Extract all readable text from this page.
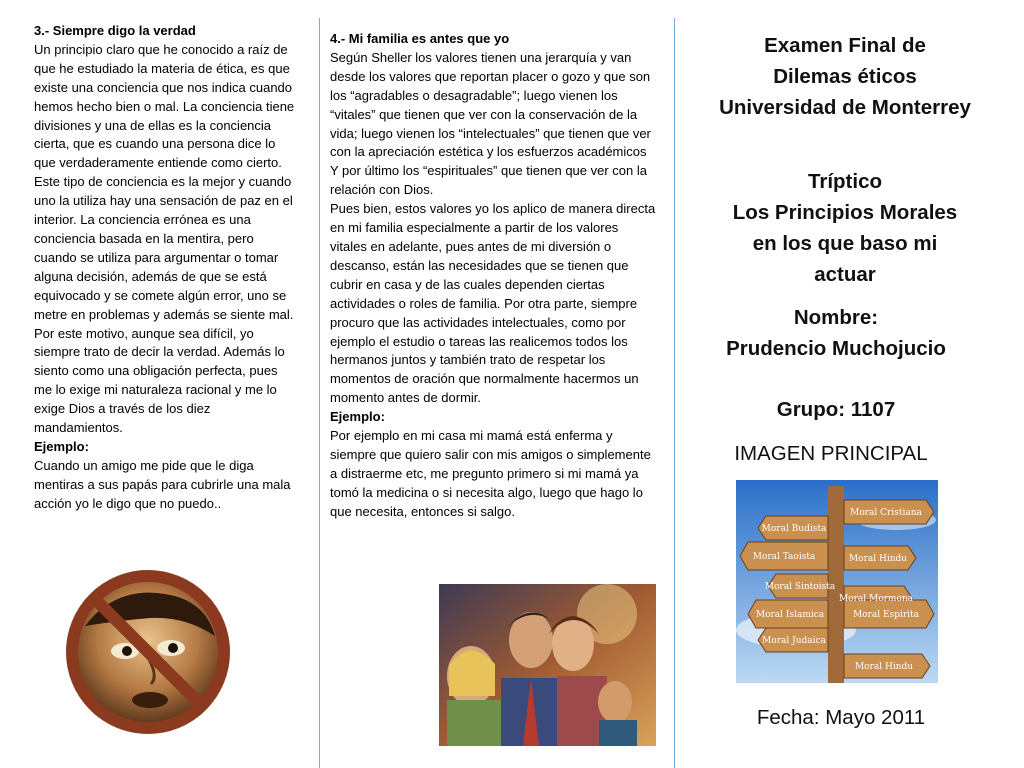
3.- Siempre digo la verdad

Un principio claro que he conocido a raíz de que he estudiado la materia de ética, es que existe una conciencia que nos indica cuando hemos hecho bien o mal. La conciencia tiene divisiones y una de ellas es la conciencia cierta, que es cuando una persona dice lo que verdaderamente entiende como cierto. Este tipo de conciencia es la mejor y cuando uno la utiliza hay una sensación de paz en el interior. La conciencia errónea es una conciencia basada en la mentira, pero cuando se utiliza para argumentar o tomar alguna decisión, además de que se está equivocado y se comete algún error, uno se metre en problemas y además se siente mal. Por este motivo, aunque sea difícil, yo siempre trato de decir la verdad. Además lo siento como una obligación perfecta, pues me lo exige mi naturaleza racional y me lo exige Dios a través de los diez mandamientos.

Ejemplo:

Cuando un amigo me pide que le diga mentiras a sus papás para cubrirle una mala acción yo le digo que no puedo..

4.- Mi familia es antes que yo

Según Sheller los valores tienen una jerarquía y van desde los valores que reportan placer o gozo y que son los “agradables o desagradable”; luego vienen los “vitales” que tienen que ver con la conservación de la vida; luego vienen los “intelectuales” que tienen que ver con la apreciación estética y los esfuerzos académicos Y por último los “espirituales” que tienen que ver con la relación con Dios.

Pues bien, estos valores yo los aplico de manera directa en mi familia especialmente a partir de los valores vitales en adelante, pues antes de mi diversión o descanso, están las necesidades que se tienen que cubrir en casa y de las cuales dependen ciertas actividades o roles de familia. Por otra parte, siempre procuro que las actividades intelectuales, como por ejemplo el estudio o tareas las realicemos todos los hermanos juntos y también trato de respetar los momentos de oración que normalmente hacermos un momento antes de dormir.

Ejemplo:

Por ejemplo en mi casa mi mamá está enferma y siempre que quiero salir con mis amigos o simplemente a distraerme etc, me pregunto primero si mi mamá ya tomó la medicina o si necesita algo, luego que hago lo que necesita, entonces si salgo.

Examen Final de
Dilemas éticos
Universidad de Monterrey
Tríptico
Los Principios Morales
en los que baso mi
actuar
Nombre:
Prudencio Muchojucio
Grupo: 1107
IMAGEN PRINCIPAL
Moral Cristiana
Moral Budista
Moral Taoista	Moral Hindu
Moral Sintoista
Moral Mormona
Moral Islamica	Moral Espirita
Moral Judaica
Moral Hindu
Fecha: Mayo 2011
